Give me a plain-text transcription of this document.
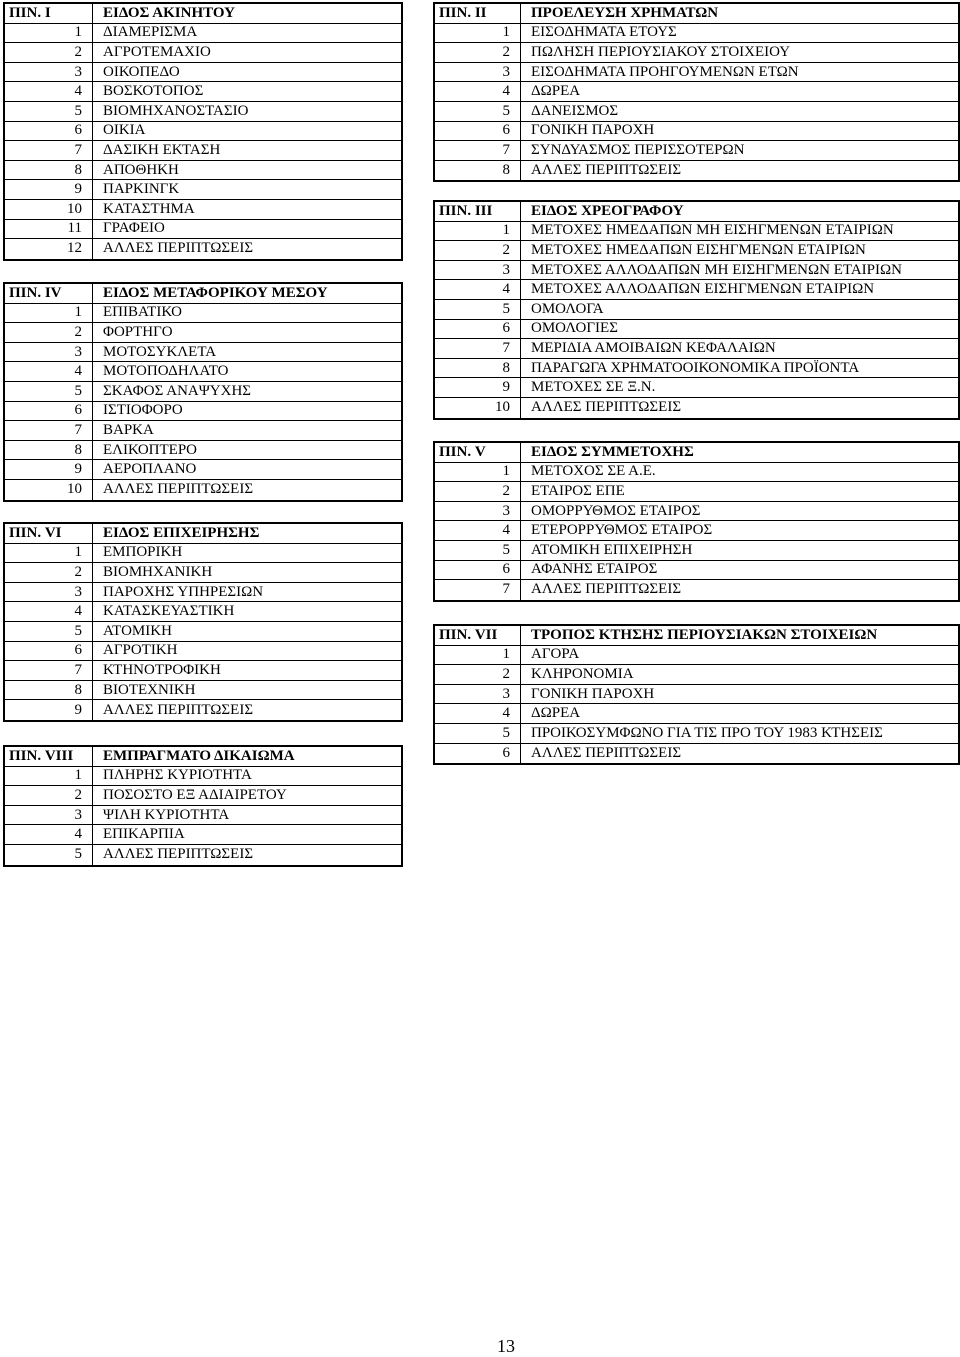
ΠΙΝ. Ι	ΕΙΔΟΣ ΑΚΙΝΗΤΟΥ
1	ΔΙΑΜΕΡΙΣΜΑ
2	ΑΓΡΟΤΕΜΑΧΙΟ
3	ΟΙΚΟΠΕΔΟ
4	ΒΟΣΚΟΤΟΠΟΣ
5	ΒΙΟΜΗΧΑΝΟΣΤΑΣΙΟ
6	ΟΙΚΙΑ
7	ΔΑΣΙΚΗ ΕΚΤΑΣΗ
8	ΑΠΟΘΗΚΗ
9	ΠΑΡΚΙΝΓΚ
10	ΚΑΤΑΣΤΗΜΑ
11	ΓΡΑΦΕΙΟ
12	ΑΛΛΕΣ ΠΕΡΙΠΤΩΣΕΙΣ
ΠΙΝ. IV	ΕΙΔΟΣ ΜΕΤΑΦΟΡΙΚΟΥ ΜΕΣΟΥ
1	ΕΠΙΒΑΤΙΚΟ
2	ΦΟΡΤΗΓΟ
3	ΜΟΤΟΣΥΚΛΕΤΑ
4	ΜΟΤΟΠΟΔΗΛΑΤΟ
5	ΣΚΑΦΟΣ ΑΝΑΨΥΧΗΣ
6	ΙΣΤΙΟΦΟΡΟ
7	ΒΑΡΚΑ
8	ΕΛΙΚΟΠΤΕΡΟ
9	ΑΕΡΟΠΛΑΝΟ
10	ΑΛΛΕΣ ΠΕΡΙΠΤΩΣΕΙΣ
ΠΙΝ. VI	ΕΙΔΟΣ ΕΠΙΧΕΙΡΗΣΗΣ
1	ΕΜΠΟΡΙΚΗ
2	ΒΙΟΜΗΧΑΝΙΚΗ
3	ΠΑΡΟΧΗΣ ΥΠΗΡΕΣΙΩΝ
4	ΚΑΤΑΣΚΕΥΑΣΤΙΚΗ
5	ΑΤΟΜΙΚΗ
6	ΑΓΡΟΤΙΚΗ
7	ΚΤΗΝΟΤΡΟΦΙΚΗ
8	ΒΙΟΤΕΧΝΙΚΗ
9	ΑΛΛΕΣ ΠΕΡΙΠΤΩΣΕΙΣ
ΠΙΝ. VIII	ΕΜΠΡΑΓΜΑΤΟ ΔΙΚΑΙΩΜΑ
1	ΠΛΗΡΗΣ ΚΥΡΙΟΤΗΤΑ
2	ΠΟΣΟΣΤΟ ΕΞ ΑΔΙΑΙΡΕΤΟΥ
3	ΨΙΛΗ ΚΥΡΙΟΤΗΤΑ
4	ΕΠΙΚΑΡΠΙΑ
5	ΑΛΛΕΣ ΠΕΡΙΠΤΩΣΕΙΣ
ΠΙΝ. II	ΠΡΟΕΛΕΥΣΗ ΧΡΗΜΑΤΩΝ
1	ΕΙΣΟΔΗΜΑΤΑ ΕΤΟΥΣ
2	ΠΩΛΗΣΗ ΠΕΡΙΟΥΣΙΑΚΟΥ ΣΤΟΙΧΕΙΟΥ
3	ΕΙΣΟΔΗΜΑΤΑ ΠΡΟΗΓΟΥΜΕΝΩΝ ΕΤΩΝ
4	ΔΩΡΕΑ
5	ΔΑΝΕΙΣΜΟΣ
6	ΓΟΝΙΚΗ ΠΑΡΟΧΗ
7	ΣΥΝΔΥΑΣΜΟΣ ΠΕΡΙΣΣΟΤΕΡΩΝ
8	ΑΛΛΕΣ ΠΕΡΙΠΤΩΣΕΙΣ
ΠΙΝ. III	ΕΙΔΟΣ ΧΡΕΟΓΡΑΦΟΥ
1	ΜΕΤΟΧΕΣ ΗΜΕΔΑΠΩΝ ΜΗ ΕΙΣΗΓΜΕΝΩΝ ΕΤΑΙΡΙΩΝ
2	ΜΕΤΟΧΕΣ ΗΜΕΔΑΠΩΝ ΕΙΣΗΓΜΕΝΩΝ ΕΤΑΙΡΙΩΝ
3	ΜΕΤΟΧΕΣ ΑΛΛΟΔΑΠΩΝ ΜΗ ΕΙΣΗΓΜΕΝΩΝ ΕΤΑΙΡΙΩΝ
4	ΜΕΤΟΧΕΣ ΑΛΛΟΔΑΠΩΝ ΕΙΣΗΓΜΕΝΩΝ ΕΤΑΙΡΙΩΝ
5	ΟΜΟΛΟΓΑ
6	ΟΜΟΛΟΓΙΕΣ
7	ΜΕΡΙΔΙΑ ΑΜΟΙΒΑΙΩΝ ΚΕΦΑΛΑΙΩΝ
8	ΠΑΡΑΓΩΓΑ ΧΡΗΜΑΤΟΟΙΚΟΝΟΜΙΚΑ ΠΡΟΪΟΝΤΑ
9	ΜΕΤΟΧΕΣ ΣΕ Ξ.Ν.
10	ΑΛΛΕΣ ΠΕΡΙΠΤΩΣΕΙΣ
ΠΙΝ. V	ΕΙΔΟΣ ΣΥΜΜΕΤΟΧΗΣ
1	ΜΕΤΟΧΟΣ ΣΕ Α.Ε.
2	ΕΤΑΙΡΟΣ ΕΠΕ
3	ΟΜΟΡΡΥΘΜΟΣ ΕΤΑΙΡΟΣ
4	ΕΤΕΡΟΡΡΥΘΜΟΣ ΕΤΑΙΡΟΣ
5	ΑΤΟΜΙΚΗ ΕΠΙΧΕΙΡΗΣΗ
6	ΑΦΑΝΗΣ ΕΤΑΙΡΟΣ
7	ΑΛΛΕΣ ΠΕΡΙΠΤΩΣΕΙΣ
ΠΙΝ. VII	ΤΡΟΠΟΣ ΚΤΗΣΗΣ ΠΕΡΙΟΥΣΙΑΚΩΝ ΣΤΟΙΧΕΙΩΝ
1	ΑΓΟΡΑ
2	ΚΛΗΡΟΝΟΜΙΑ
3	ΓΟΝΙΚΗ ΠΑΡΟΧΗ
4	ΔΩΡΕΑ
5	ΠΡΟΙΚΟΣΥΜΦΩΝΟ ΓΙΑ ΤΙΣ ΠΡΟ ΤΟΥ 1983 ΚΤΗΣΕΙΣ
6	ΑΛΛΕΣ ΠΕΡΙΠΤΩΣΕΙΣ
13
